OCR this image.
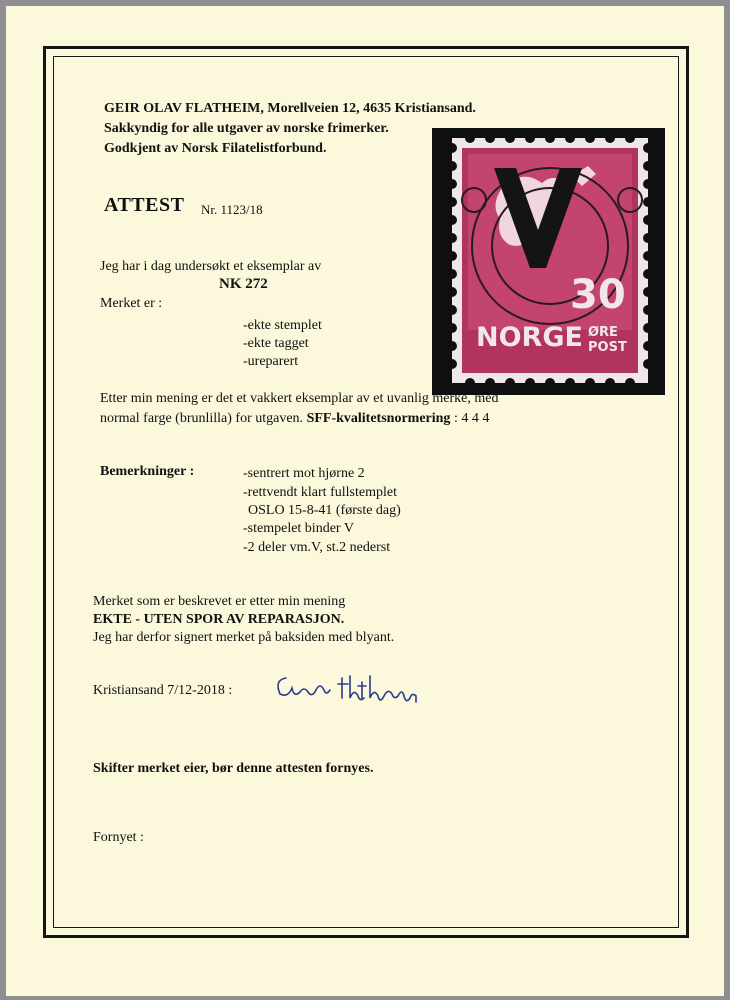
GEIR OLAV FLATHEIM, Morellveien 12, 4635 Kristiansand.
Sakkyndig for alle utgaver av norske frimerker.
Godkjent av Norsk Filatelistforbund.
ATTEST Nr. 1123/18
Jeg har i dag undersøkt et eksemplar av
NK 272
Merket er :
-ekte stemplet
-ekte tagget
-ureparert
30
NORGE ØRE
POST
Etter min mening er det et vakkert eksemplar av et uvanlig merke, med
normal farge (brunlilla) for utgaven. SFF-kvalitetsnormering : 4 4 4
Bemerkninger :	-sentrert mot hjørne 2
-rettvendt klart fullstemplet
OSLO 15-8-41 (første dag)
-stempelet binder V
-2 deler vm.V, st.2 nederst
Merket som er beskrevet er etter min mening
EKTE - UTEN SPOR AV REPARASJON.
Jeg har derfor signert merket på baksiden med blyant.
Kristiansand 7/12-2018 :
Skifter merket eier, bør denne attesten fornyes.
Fornyet :
